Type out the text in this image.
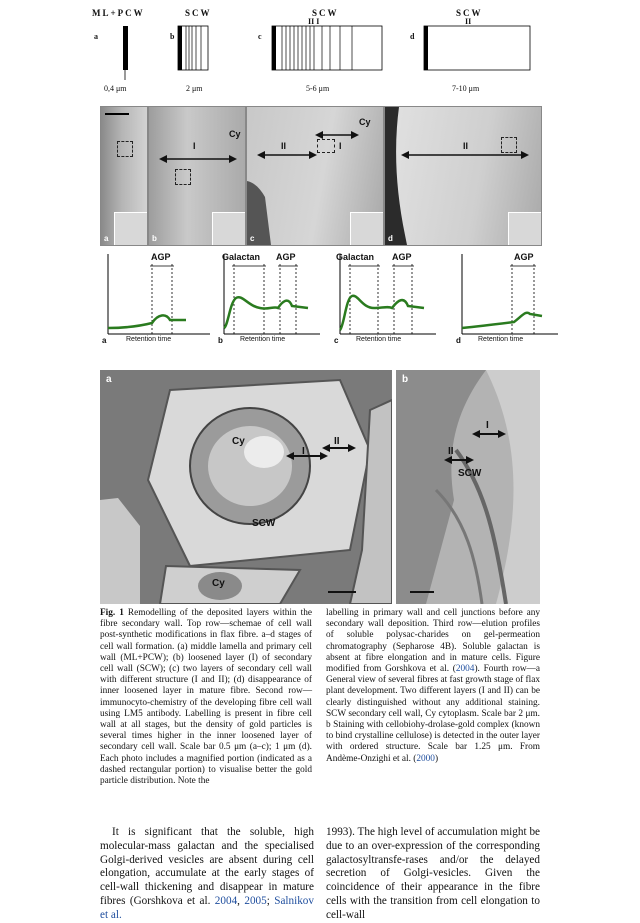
ML+PCW	SCW	SCW	SCW
II I	II
a	b	c	d
0,4 μm	2 μm	5-6 μm	7-10 μm
a	b
I
Cy
c
II	I
Cy
d
II
AGP
a	Retention time
Galactan AGP
b Retention time
Galactan AGP
c	Retention time
AGP
d Retention time
a
Cy
I
II
SCW
Cy
b
I
II
SCW

Fig. 1 Remodelling of the deposited layers within the fibre secondary wall. Top row—schemae of cell wall post-synthetic modifications in flax fibre. a–d stages of cell wall formation. (a) middle lamella and primary cell wall (ML+PCW); (b) loosened layer (I) of secondary cell wall (SCW); (c) two layers of secondary cell wall with different structure (I and II); (d) disappearance of inner loosened layer in mature fibre. Second row—immunocyto-chemistry of the developing fibre cell wall using LM5 antibody. Labelling is present in fibre cell wall at all stages, but the density of gold particles is several times higher in the inner loosened layer of secondary cell wall. Scale bar 0.5 μm (a–c); 1 μm (d). Each photo includes a magnified portion (indicated as a dashed rectangular portion) to visualise better the gold particle distribution. Note the

labelling in primary wall and cell junctions before any secondary wall deposition. Third row—elution profiles of soluble polysac-charides on gel-permeation chromatography (Sepharose 4B). Soluble galactan is absent at fibre elongation and in mature cells. Figure modified from Gorshkova et al. (2004). Fourth row—a General view of several fibres at fast growth stage of flax plant development. Two different layers (I and II) can be clearly distinguished without any additional staining. SCW secondary cell wall, Cy cytoplasm. Scale bar 2 μm. b Staining with cellobiohy-drolase-gold complex (known to bind crystalline cellulose) is detected in the outer layer with ordered structure. Scale bar 1.25 μm. From Andème-Onzighi et al. (2000)

It is significant that the soluble, high molecular-mass galactan and the specialised Golgi-derived vesicles are absent during cell elongation, accumulate at the early stages of cell-wall thickening and disappear in mature fibres (Gorshkova et al. 2004, 2005; Salnikov et al.

1993). The high level of accumulation might be due to an over-expression of the corresponding galactosyltransfe-rases and/or the delayed secretion of Golgi-vesicles. Given the coincidence of their appearance in the fibre cells with the transition from cell elongation to cell-wall

www.docin.com
